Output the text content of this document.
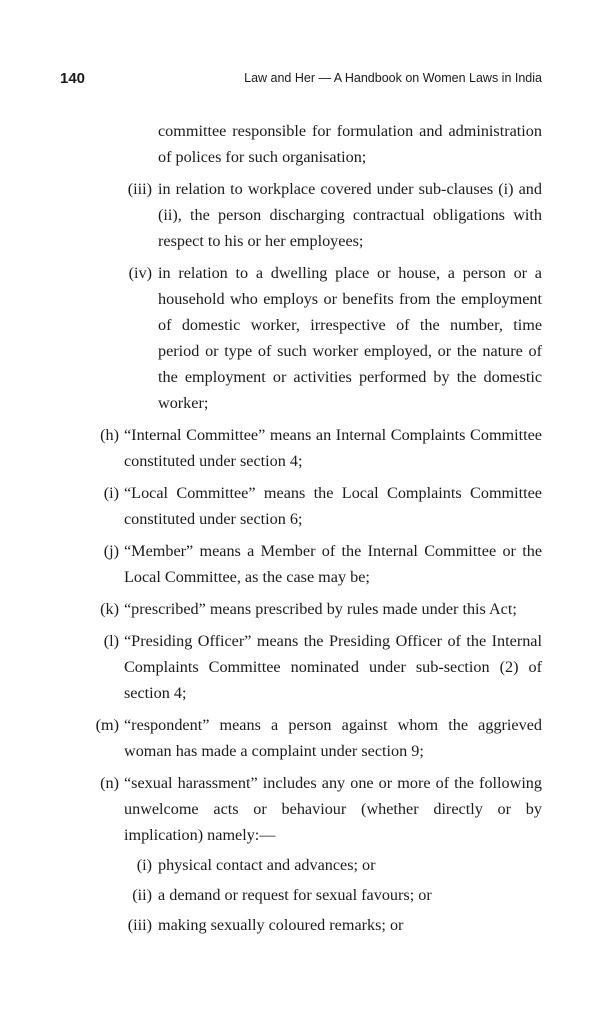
140	Law and Her — A Handbook on Women Laws in India
committee responsible for formulation and administration of polices for such organisation;
(iii) in relation to workplace covered under sub-clauses (i) and (ii), the person discharging contractual obligations with respect to his or her employees;
(iv) in relation to a dwelling place or house, a person or a household who employs or benefits from the employment of domestic worker, irrespective of the number, time period or type of such worker employed, or the nature of the employment or activities performed by the domestic worker;
(h) “Internal Committee” means an Internal Complaints Committee constituted under section 4;
(i) “Local Committee” means the Local Complaints Committee constituted under section 6;
(j) “Member” means a Member of the Internal Committee or the Local Committee, as the case may be;
(k) “prescribed” means prescribed by rules made under this Act;
(l) “Presiding Officer” means the Presiding Officer of the Internal Complaints Committee nominated under sub-section (2) of section 4;
(m) “respondent” means a person against whom the aggrieved woman has made a complaint under section 9;
(n) “sexual harassment” includes any one or more of the following unwelcome acts or behaviour (whether directly or by implication) namely:—
(i) physical contact and advances; or
(ii) a demand or request for sexual favours; or
(iii) making sexually coloured remarks; or
